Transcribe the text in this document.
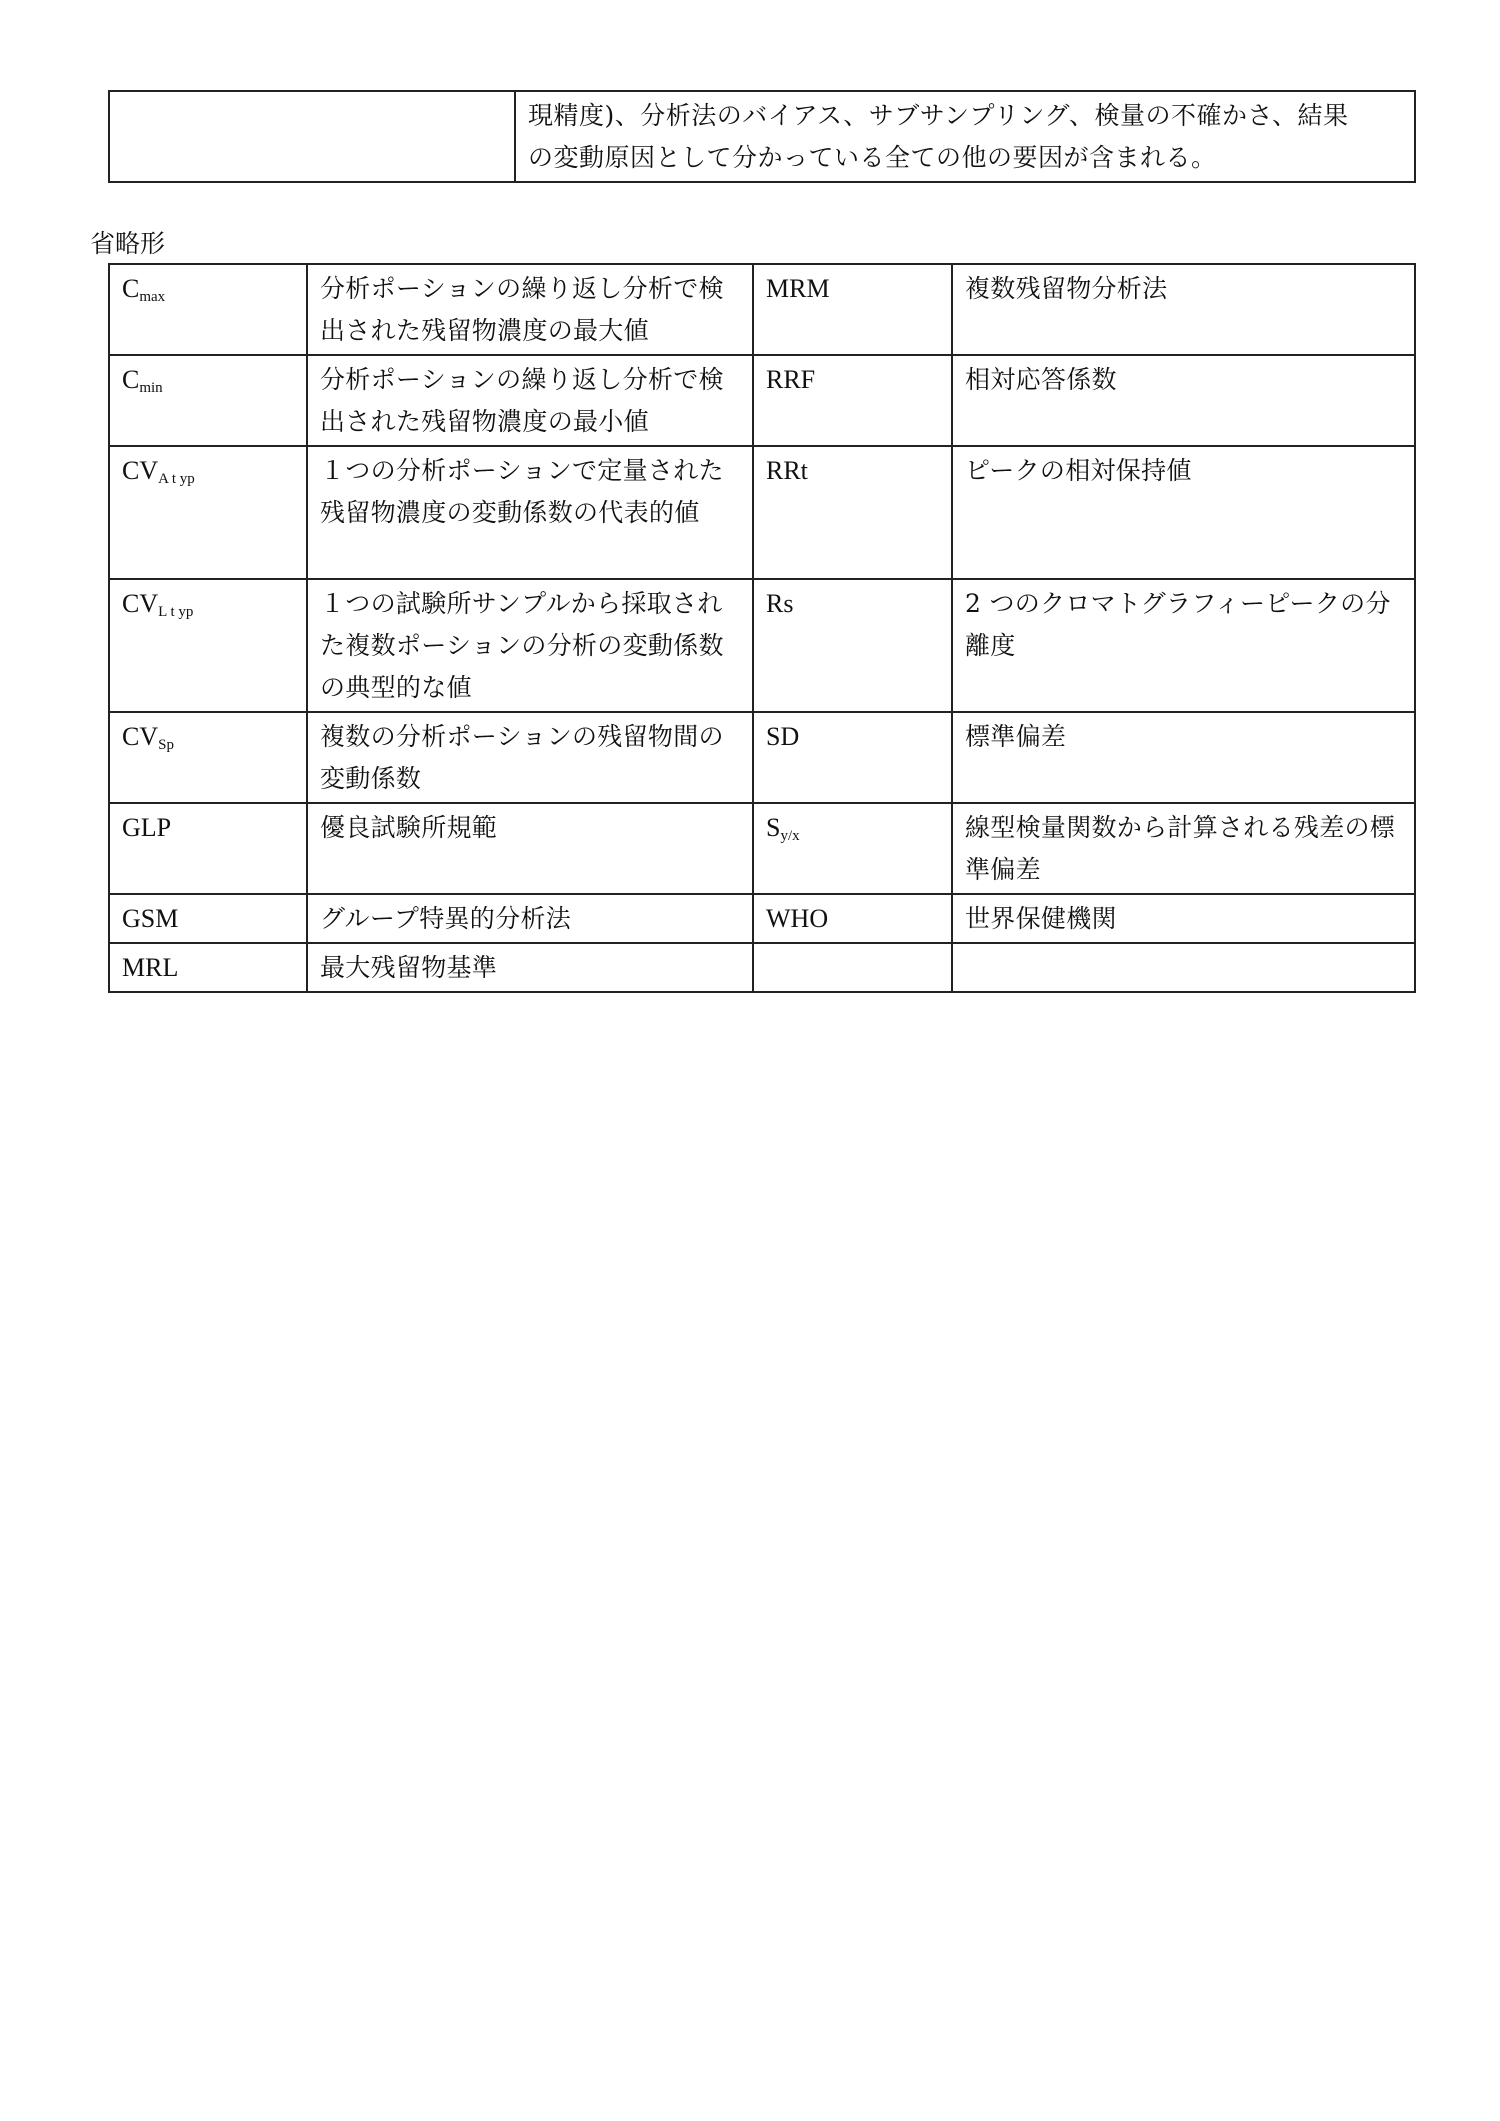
	現精度)、分析法のバイアス、サブサンプリング、検量の不確かさ、結果
の変動原因として分かっている全ての他の要因が含まれる。
省略形
Cmax	分析ポーションの繰り返し分析で検出された残留物濃度の最大値	MRM	複数残留物分析法
Cmin	分析ポーションの繰り返し分析で検出された残留物濃度の最小値	RRF	相対応答係数
CVA t yp	１つの分析ポーションで定量された残留物濃度の変動係数の代表的値	RRt	ピークの相対保持値
CVL t yp	１つの試験所サンプルから採取された複数ポーションの分析の変動係数の典型的な値	Rs	2 つのクロマトグラフィーピークの分離度
CVSp	複数の分析ポーションの残留物間の変動係数	SD	標準偏差
GLP	優良試験所規範	Sy/x	線型検量関数から計算される残差の標準偏差
GSM	グループ特異的分析法	WHO	世界保健機関
MRL	最大残留物基準		
